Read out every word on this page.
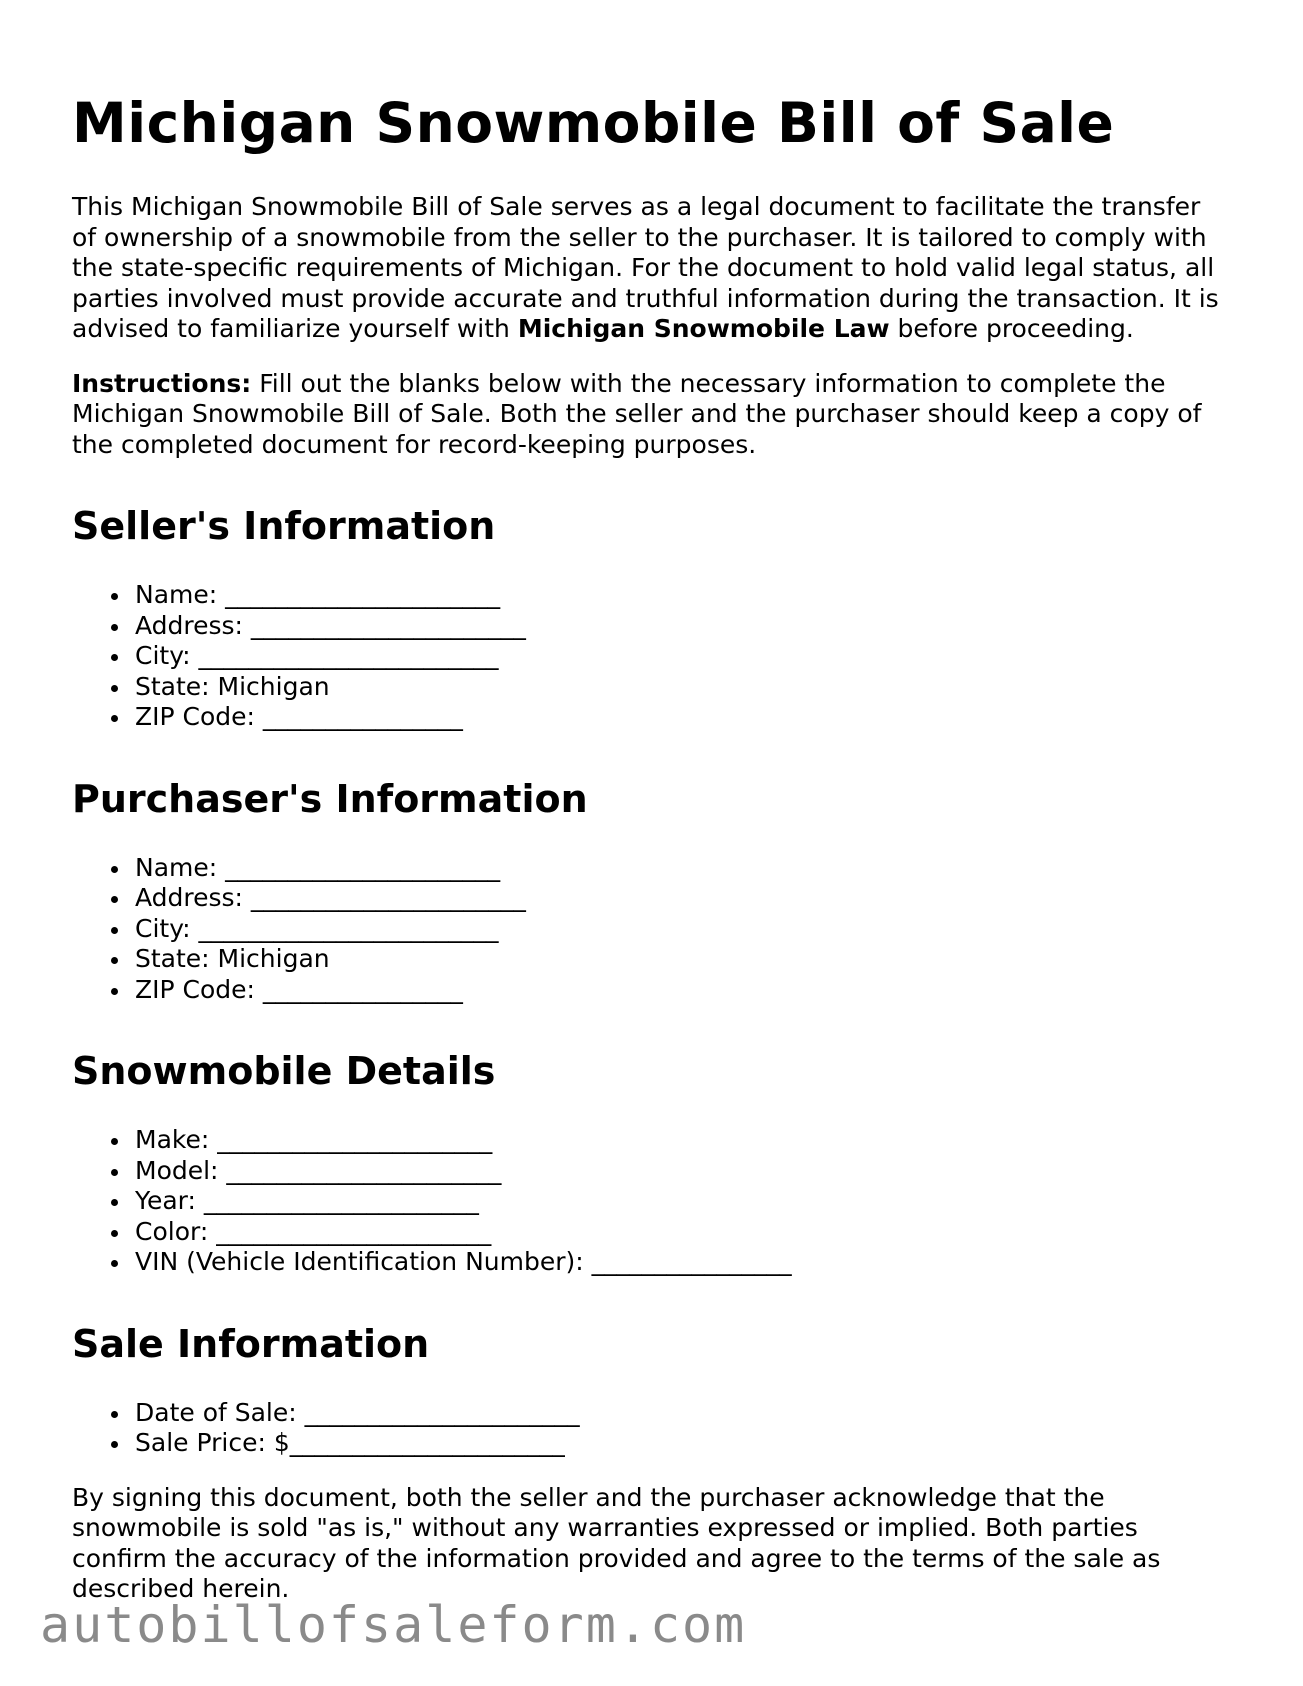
Michigan Snowmobile Bill of Sale

This Michigan Snowmobile Bill of Sale serves as a legal document to facilitate the transfer of ownership of a snowmobile from the seller to the purchaser. It is tailored to comply with the state-specific requirements of Michigan. For the document to hold valid legal status, all parties involved must provide accurate and truthful information during the transaction. It is advised to familiarize yourself with Michigan Snowmobile Law before proceeding.

Instructions: Fill out the blanks below with the necessary information to complete the Michigan Snowmobile Bill of Sale. Both the seller and the purchaser should keep a copy of the completed document for record-keeping purposes.

Seller's Information
Name: ______________________
Address: ______________________
City: ________________________
State: Michigan
ZIP Code: ________________
Purchaser's Information
Name: ______________________
Address: ______________________
City: ________________________
State: Michigan
ZIP Code: ________________
Snowmobile Details
Make: ______________________
Model: ______________________
Year: ______________________
Color: ______________________
VIN (Vehicle Identification Number): ________________
Sale Information
Date of Sale: ______________________
Sale Price: $______________________

By signing this document, both the seller and the purchaser acknowledge that the snowmobile is sold "as is," without any warranties expressed or implied. Both parties confirm the accuracy of the information provided and agree to the terms of the sale as described herein.

autobillofsaleform.com
